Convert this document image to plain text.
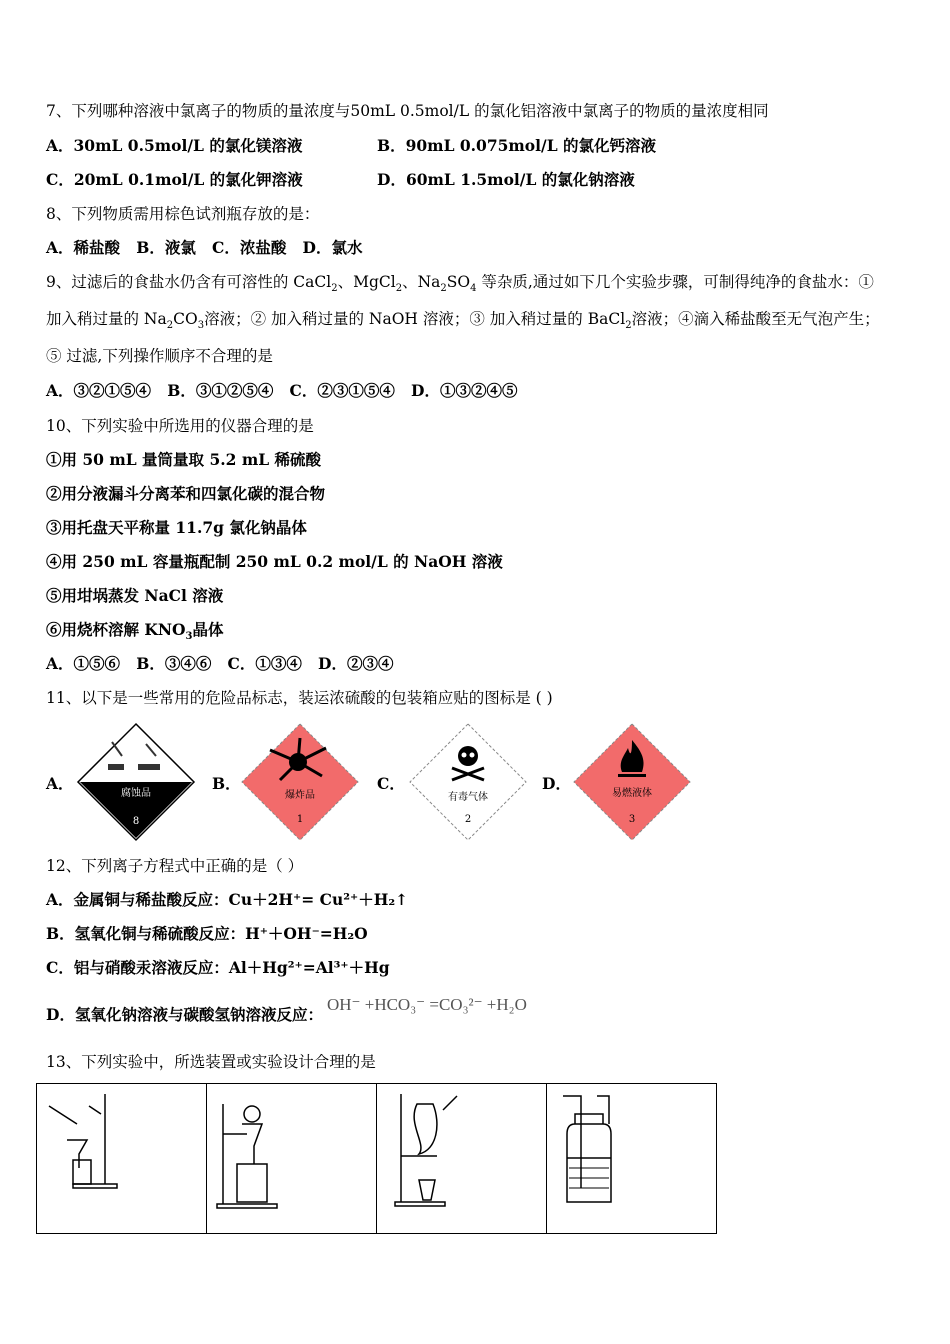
7、下列哪种溶液中氯离子的物质的量浓度与50mL 0.5mol/L 的氯化铝溶液中氯离子的物质的量浓度相同
A．30mL 0.5mol/L 的氯化镁溶液	B．90mL 0.075mol/L 的氯化钙溶液
C．20mL 0.1mol/L 的氯化钾溶液	D．60mL 1.5mol/L 的氯化钠溶液
8、下列物质需用棕色试剂瓶存放的是：
A．稀盐酸   B．液氯   C．浓盐酸   D．氯水
9、过滤后的食盐水仍含有可溶性的 CaCl$_2$、MgCl$_2$、$Na_2SO_4$ 等杂质,通过如下几个实验步骤，可制得纯净的食盐水：①
加入稍过量的 $Na_2CO_3$溶液；② 加入稍过量的 NaOH 溶液；③ 加入稍过量的 BaCl$_2$溶液；④滴入稀盐酸至无气泡产生；
⑤ 过滤,下列操作顺序不合理的是
A．③②①⑤④   B．③①②⑤④   C．②③①⑤④   D．①③②④⑤
10、下列实验中所选用的仪器合理的是
①用 50 mL 量筒量取 5.2 mL 稀硫酸
②用分液漏斗分离苯和四氯化碳的混合物
③用托盘天平称量 11.7g 氯化钠晶体
④用 250 mL 容量瓶配制 250 mL 0.2 mol/L 的 NaOH 溶液
⑤用坩埚蒸发 NaCl 溶液
⑥用烧杯溶解 $KNO_3$晶体
A．①⑤⑥   B．③④⑥   C．①③④   D．②③④
11、以下是一些常用的危险品标志，装运浓硫酸的包装箱应贴的图标是 ( )
A．
腐蚀品
8
B．
爆炸品
1
C．
有毒气体
2
D．
易燃液体
3
12、下列离子方程式中正确的是（ ）
A．金属铜与稀盐酸反应：Cu＋2H⁺= Cu²⁺＋H₂↑
B．氢氧化铜与稀硫酸反应：H⁺＋OH⁻=H₂O
C．铝与硝酸汞溶液反应：Al＋Hg²⁺=Al³⁺＋Hg
D．氢氧化钠溶液与碳酸氢钠溶液反应：OH⁻ +HCO₃⁻ =CO₃²⁻ +H₂O
13、下列实验中，所选装置或实验设计合理的是
